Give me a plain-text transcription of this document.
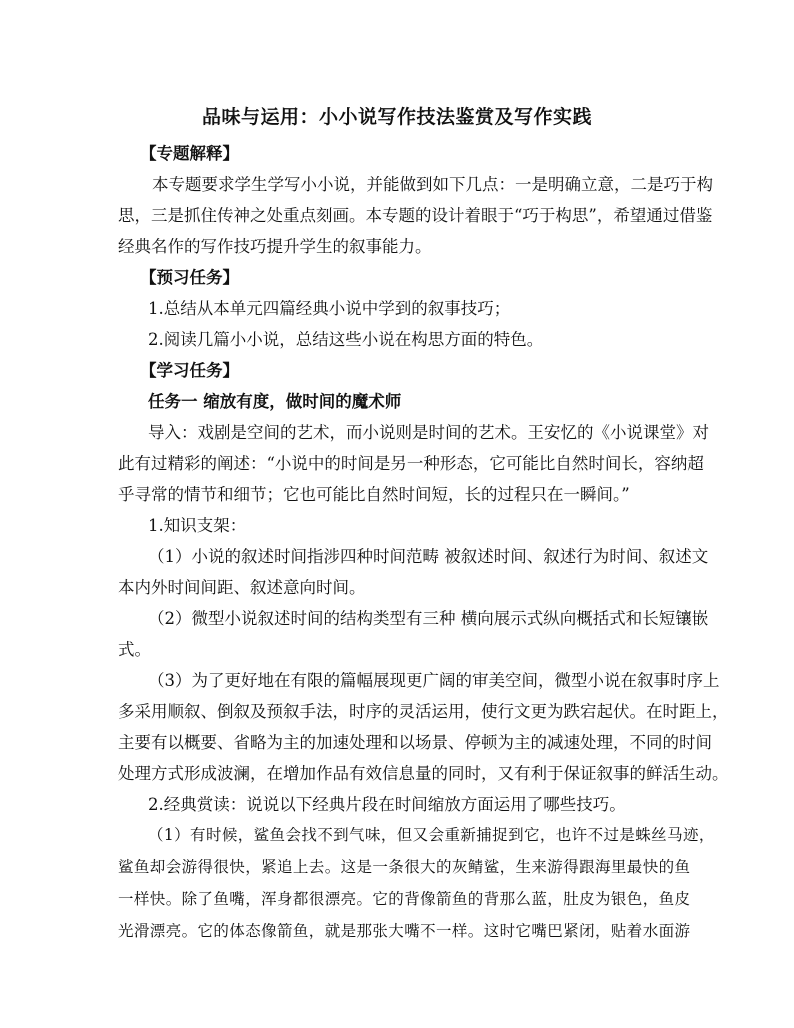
品味与运用：小小说写作技法鉴赏及写作实践
【专题解释】
本专题要求学生学写小小说，并能做到如下几点：一是明确立意，二是巧于构
思，三是抓住传神之处重点刻画。本专题的设计着眼于“巧于构思”，希望通过借鉴
经典名作的写作技巧提升学生的叙事能力。
【预习任务】
1.总结从本单元四篇经典小说中学到的叙事技巧；
2.阅读几篇小小说，总结这些小说在构思方面的特色。
【学习任务】
任务一 缩放有度，做时间的魔术师
导入：戏剧是空间的艺术，而小说则是时间的艺术。王安忆的《小说课堂》对
此有过精彩的阐述：“小说中的时间是另一种形态，它可能比自然时间长，容纳超
乎寻常的情节和细节；它也可能比自然时间短，长的过程只在一瞬间。”
1.知识支架：
（1）小说的叙述时间指涉四种时间范畴 被叙述时间、叙述行为时间、叙述文
本内外时间间距、叙述意向时间。
（2）微型小说叙述时间的结构类型有三种 横向展示式纵向概括式和长短镶嵌
式。
（3）为了更好地在有限的篇幅展现更广阔的审美空间，微型小说在叙事时序上
多采用顺叙、倒叙及预叙手法，时序的灵活运用，使行文更为跌宕起伏。在时距上，
主要有以概要、省略为主的加速处理和以场景、停顿为主的减速处理，不同的时间
处理方式形成波澜，在增加作品有效信息量的同时，又有利于保证叙事的鲜活生动。
2.经典赏读：说说以下经典片段在时间缩放方面运用了哪些技巧。
（1）有时候，鲨鱼会找不到气味，但又会重新捕捉到它，也许不过是蛛丝马迹，
鲨鱼却会游得很快，紧追上去。这是一条很大的灰鲭鲨，生来游得跟海里最快的鱼
一样快。除了鱼嘴，浑身都很漂亮。它的背像箭鱼的背那么蓝，肚皮为银色，鱼皮
光滑漂亮。它的体态像箭鱼，就是那张大嘴不一样。这时它嘴巴紧闭，贴着水面游
